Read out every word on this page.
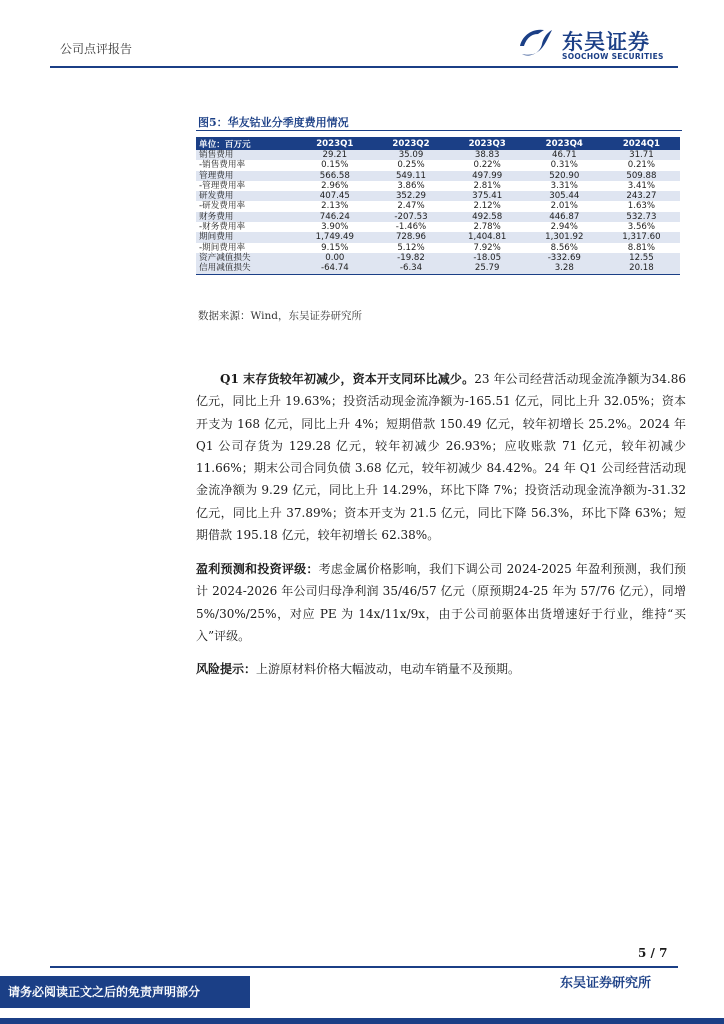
公司点评报告	东吴证券
SOOCHOW SECURITIES
图5：华友钴业分季度费用情况
单位：百万元	2023Q1	2023Q2	2023Q3	2023Q4	2024Q1
销售费用	29.21	35.09	38.83	46.71	31.71
-销售费用率	0.15%	0.25%	0.22%	0.31%	0.21%
管理费用	566.58	549.11	497.99	520.90	509.88
-管理费用率	2.96%	3.86%	2.81%	3.31%	3.41%
研发费用	407.45	352.29	375.41	305.44	243.27
-研发费用率	2.13%	2.47%	2.12%	2.01%	1.63%
财务费用	746.24	-207.53	492.58	446.87	532.73
-财务费用率	3.90%	-1.46%	2.78%	2.94%	3.56%
期间费用	1,749.49	728.96	1,404.81	1,301.92	1,317.60
-期间费用率	9.15%	5.12%	7.92%	8.56%	8.81%
资产减值损失	0.00	-19.82	-18.05	-332.69	12.55
信用减值损失	-64.74	-6.34	25.79	3.28	20.18
数据来源：Wind，东吴证券研究所

Q1 末存货较年初减少，资本开支同环比减少。23 年公司经营活动现金流净额为34.86 亿元，同比上升 19.63%；投资活动现金流净额为-165.51 亿元，同比上升 32.05%；资本开支为 168 亿元，同比上升 4%；短期借款 150.49 亿元，较年初增长 25.2%。2024 年 Q1 公司存货为 129.28 亿元，较年初减少 26.93%；应收账款 71 亿元，较年初减少 11.66%；期末公司合同负债 3.68 亿元，较年初减少 84.42%。24 年 Q1 公司经营活动现金流净额为 9.29 亿元，同比上升 14.29%，环比下降 7%；投资活动现金流净额为-31.32 亿元，同比上升 37.89%；资本开支为 21.5 亿元，同比下降 56.3%，环比下降 63%；短期借款 195.18 亿元，较年初增长 62.38%。

盈利预测和投资评级：考虑金属价格影响，我们下调公司 2024-2025 年盈利预测，我们预计 2024-2026 年公司归母净利润 35/46/57 亿元（原预期24-25 年为 57/76 亿元），同增 5%/30%/25%，对应 PE 为 14x/11x/9x，由于公司前驱体出货增速好于行业，维持“买入”评级。

风险提示：上游原材料价格大幅波动，电动车销量不及预期。

5 / 7
请务必阅读正文之后的免责声明部分
东吴证券研究所
